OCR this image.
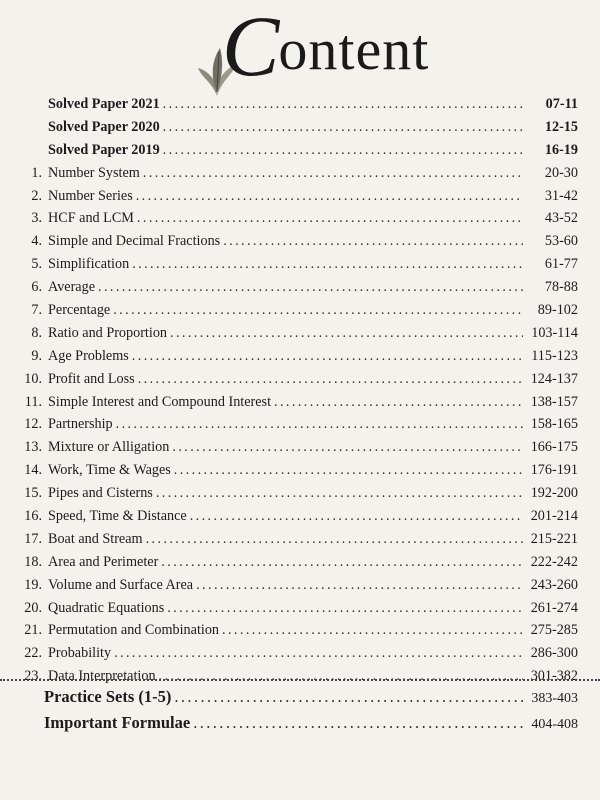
Content
Solved Paper 2021 .....	07-11
Solved Paper 2020 .....	12-15
Solved Paper 2019 .....	16-19
1. Number System .....	20-30
2. Number Series .....	31-42
3. HCF and LCM .....	43-52
4. Simple and Decimal Fractions .....	53-60
5. Simplification .....	61-77
6. Average .....	78-88
7. Percentage .....	89-102
8. Ratio and Proportion .....	103-114
9. Age Problems .....	115-123
10. Profit and Loss .....	124-137
11. Simple Interest and Compound Interest .....	138-157
12. Partnership .....	158-165
13. Mixture or Alligation .....	166-175
14. Work, Time & Wages .....	176-191
15. Pipes and Cisterns .....	192-200
16. Speed, Time & Distance .....	201-214
17. Boat and Stream .....	215-221
18. Area and Perimeter .....	222-242
19. Volume and Surface Area .....	243-260
20. Quadratic Equations .....	261-274
21. Permutation and Combination .....	275-285
22. Probability .....	286-300
23. Data Interpretation .....	301-382
Practice Sets (1-5) .....	383-403
Important Formulae .....	404-408
